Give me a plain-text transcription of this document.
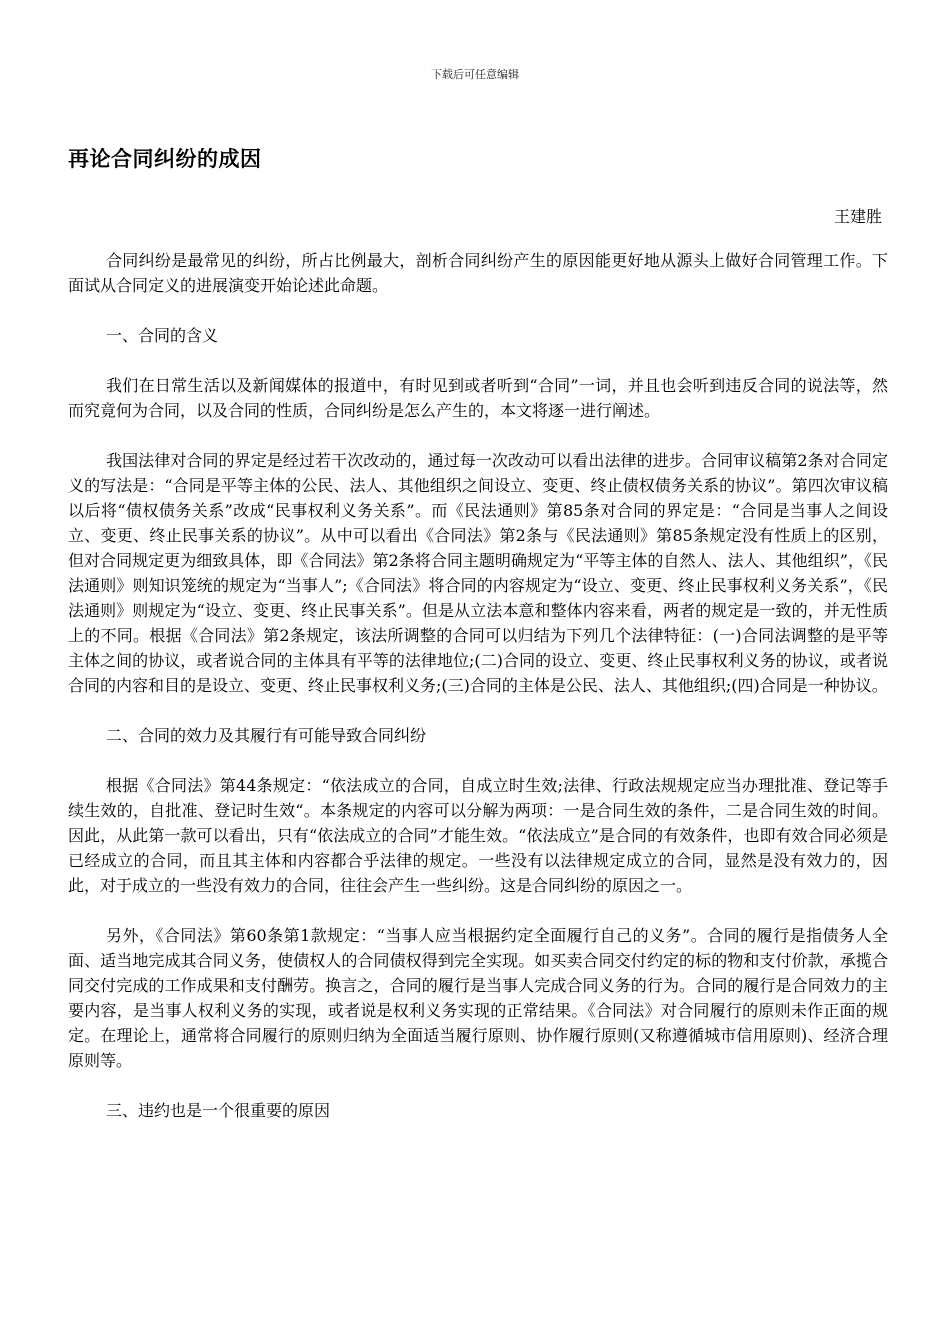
下载后可任意编辑
再论合同纠纷的成因
王建胜

合同纠纷是最常见的纠纷，所占比例最大，剖析合同纠纷产生的原因能更好地从源头上做好合同管理工作。下面试从合同定义的进展演变开始论述此命题。

一、合同的含义

我们在日常生活以及新闻媒体的报道中，有时见到或者听到“合同”一词，并且也会听到违反合同的说法等，然而究竟何为合同，以及合同的性质，合同纠纷是怎么产生的，本文将逐一进行阐述。

我国法律对合同的界定是经过若干次改动的，通过每一次改动可以看出法律的进步。合同审议稿第2条对合同定义的写法是：“合同是平等主体的公民、法人、其他组织之间设立、变更、终止债权债务关系的协议”。第四次审议稿以后将“债权债务关系”改成“民事权利义务关系”。而《民法通则》第85条对合同的界定是：“合同是当事人之间设立、变更、终止民事关系的协议”。从中可以看出《合同法》第2条与《民法通则》第85条规定没有性质上的区别，但对合同规定更为细致具体，即《合同法》第2条将合同主题明确规定为“平等主体的自然人、法人、其他组织”，《民法通则》则知识笼统的规定为“当事人”;《合同法》将合同的内容规定为“设立、变更、终止民事权利义务关系”，《民法通则》则规定为“设立、变更、终止民事关系”。但是从立法本意和整体内容来看，两者的规定是一致的，并无性质上的不同。根据《合同法》第2条规定，该法所调整的合同可以归结为下列几个法律特征：(一)合同法调整的是平等主体之间的协议，或者说合同的主体具有平等的法律地位;(二)合同的设立、变更、终止民事权利义务的协议，或者说合同的内容和目的是设立、变更、终止民事权利义务;(三)合同的主体是公民、法人、其他组织;(四)合同是一种协议。

二、合同的效力及其履行有可能导致合同纠纷

根据《合同法》第44条规定：“依法成立的合同，自成立时生效;法律、行政法规规定应当办理批准、登记等手续生效的，自批准、登记时生效“。本条规定的内容可以分解为两项：一是合同生效的条件，二是合同生效的时间。因此，从此第一款可以看出，只有“依法成立的合同”才能生效。“依法成立”是合同的有效条件，也即有效合同必须是已经成立的合同，而且其主体和内容都合乎法律的规定。一些没有以法律规定成立的合同，显然是没有效力的，因此，对于成立的一些没有效力的合同，往往会产生一些纠纷。这是合同纠纷的原因之一。

另外，《合同法》第60条第1款规定：“当事人应当根据约定全面履行自己的义务”。合同的履行是指债务人全面、适当地完成其合同义务，使债权人的合同债权得到完全实现。如买卖合同交付约定的标的物和支付价款，承揽合同交付完成的工作成果和支付酬劳。换言之，合同的履行是当事人完成合同义务的行为。合同的履行是合同效力的主要内容，是当事人权利义务的实现，或者说是权利义务实现的正常结果。《合同法》对合同履行的原则未作正面的规定。在理论上，通常将合同履行的原则归纳为全面适当履行原则、协作履行原则(又称遵循城市信用原则)、经济合理原则等。

三、违约也是一个很重要的原因
